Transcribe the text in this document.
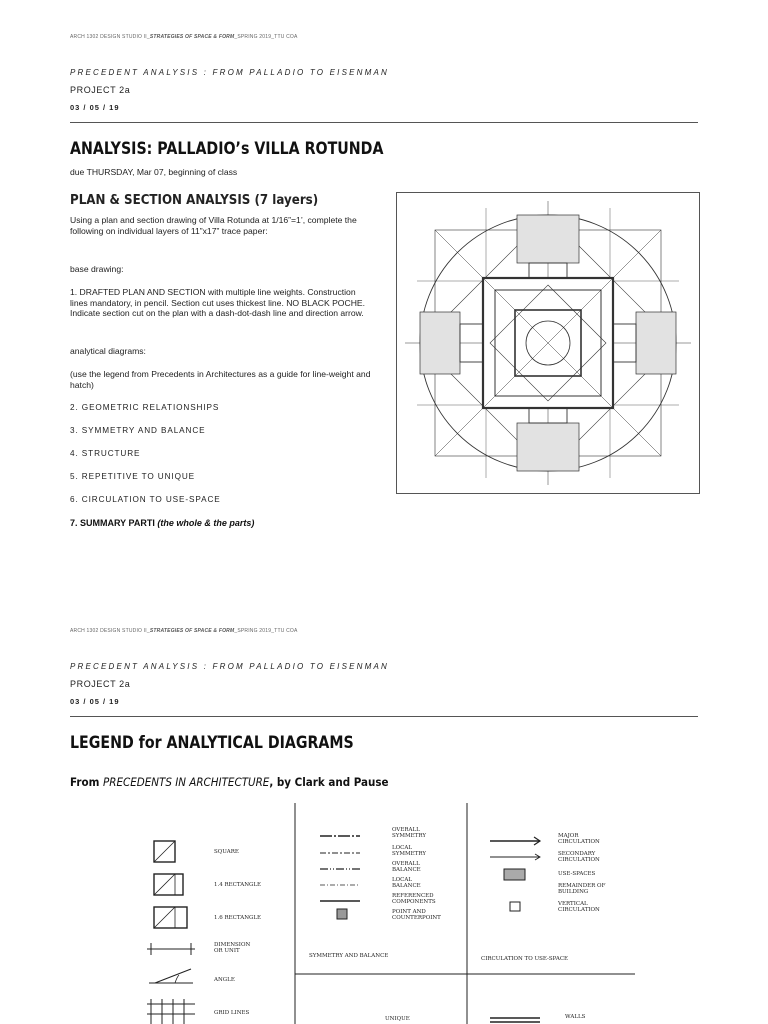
ARCH 1302 DESIGN STUDIO II_STRATEGIES OF SPACE & FORM_SPRING 2019_TTU COA
PRECEDENT ANALYSIS : FROM PALLADIO TO EISENMAN
PROJECT 2a
03 / 05 / 19
ANALYSIS: PALLADIO’s VILLA ROTUNDA
due THURSDAY, Mar 07, beginning of class
PLAN & SECTION ANALYSIS (7 layers)
Using a plan and section drawing of Villa Rotunda at 1/16”=1’, complete the following on individual layers of 11”x17” trace paper:
base drawing:
1. DRAFTED PLAN AND SECTION with multiple line weights. Construction lines mandatory, in pencil. Section cut uses thickest line. NO BLACK POCHE. Indicate section cut on the plan with a dash-dot-dash line and direction arrow.
analytical diagrams:
(use the legend from Precedents in Architectures as a guide for line-weight and hatch)
2. GEOMETRIC RELATIONSHIPS
3. SYMMETRY AND BALANCE
4. STRUCTURE
5. REPETITIVE TO UNIQUE
6. CIRCULATION TO USE-SPACE
7. SUMMARY PARTI (the whole & the parts)
ARCH 1302 DESIGN STUDIO II_STRATEGIES OF SPACE & FORM_SPRING 2019_TTU COA
PRECEDENT ANALYSIS : FROM PALLADIO TO EISENMAN
PROJECT 2a
03 / 05 / 19
LEGEND for ANALYTICAL DIAGRAMS
From PRECEDENTS IN ARCHITECTURE, by Clark and Pause
SQUARE
1.4 RECTANGLE
1.6 RECTANGLE
DIMENSION OR UNIT
ANGLE
GRID LINES
OVERALL SYMMETRY
LOCAL SYMMETRY
OVERALL BALANCE
LOCAL BALANCE
REFERENCED COMPONENTS
POINT AND COUNTERPOINT
SYMMETRY AND BALANCE
MAJOR CIRCULATION
SECONDARY CIRCULATION
USE-SPACES
REMAINDER OF BUILDING
VERTICAL CIRCULATION
CIRCULATION TO USE-SPACE
UNIQUE	WALLS
